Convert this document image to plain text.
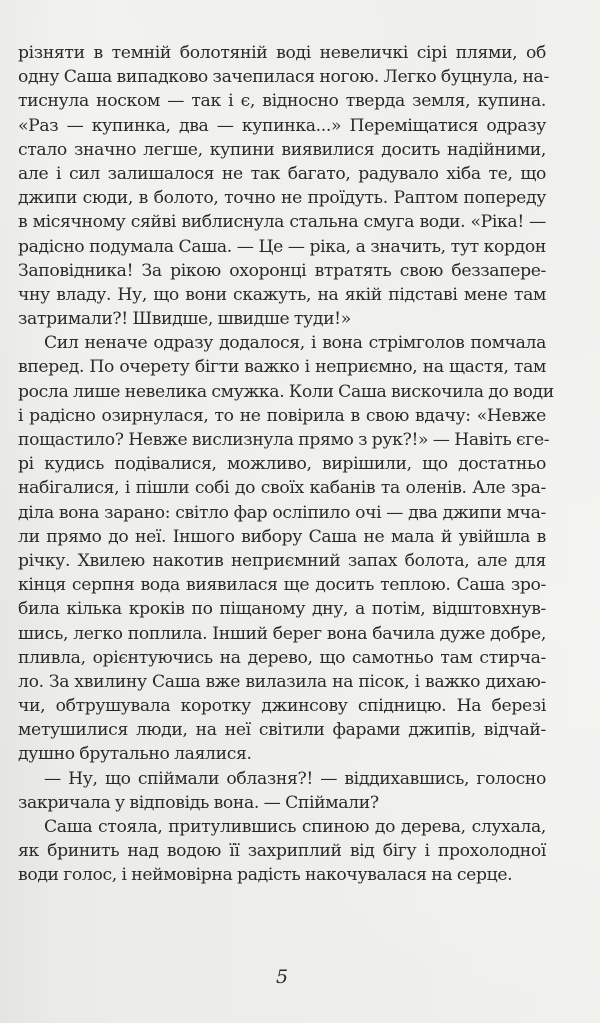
різняти в темній болотяній воді невеличкі сірі плями, об
одну Саша випадково зачепилася ногою. Легко буцнула, на-
тиснула носком — так і є, відносно тверда земля, купина.
«Раз — купинка, два — купинка...» Переміщатися одразу
стало значно легше, купини виявилися досить надійними,
але і сил залишалося не так багато, радувало хіба те, що
джипи сюди, в болото, точно не проїдуть. Раптом попереду
в місячному сяйві виблиснула стальна смуга води. «Ріка! —
радісно подумала Саша. — Це — ріка, а значить, тут кордон
Заповідника! За рікою охоронці втратять свою беззапере-
чну владу. Ну, що вони скажуть, на якій підставі мене там
затримали?! Швидше, швидше туди!»
Сил неначе одразу додалося, і вона стрімголов помчала
вперед. По очерету бігти важко і неприємно, на щастя, там
росла лише невелика смужка. Коли Саша вискочила до води
і радісно озирнулася, то не повірила в свою вдачу: «Невже
пощастило? Невже вислизнула прямо з рук?!» — Навіть єге-
рі кудись подівалися, можливо, вирішили, що достатньо
набігалися, і пішли собі до своїх кабанів та оленів. Але зра-
діла вона зарано: світло фар осліпило очі — два джипи мча-
ли прямо до неї. Іншого вибору Саша не мала й увійшла в
річку. Хвилею накотив неприємний запах болота, але для
кінця серпня вода виявилася ще досить теплою. Саша зро-
била кілька кроків по піщаному дну, а потім, відштовхнув-
шись, легко поплила. Інший берег вона бачила дуже добре,
пливла, орієнтуючись на дерево, що самотньо там стирча-
ло. За хвилину Саша вже вилазила на пісок, і важко дихаю-
чи, обтрушувала коротку джинсову спідницю. На березі
метушилися люди, на неї світили фарами джипів, відчай-
душно брутально лаялися.
— Ну, що спіймали облазня?! — віддихавшись, голосно
закричала у відповідь вона. — Спіймали?
Саша стояла, притулившись спиною до дерева, слухала,
як бринить над водою її захриплий від бігу і прохолодної
води голос, і неймовірна радість накочувалася на серце.
5
